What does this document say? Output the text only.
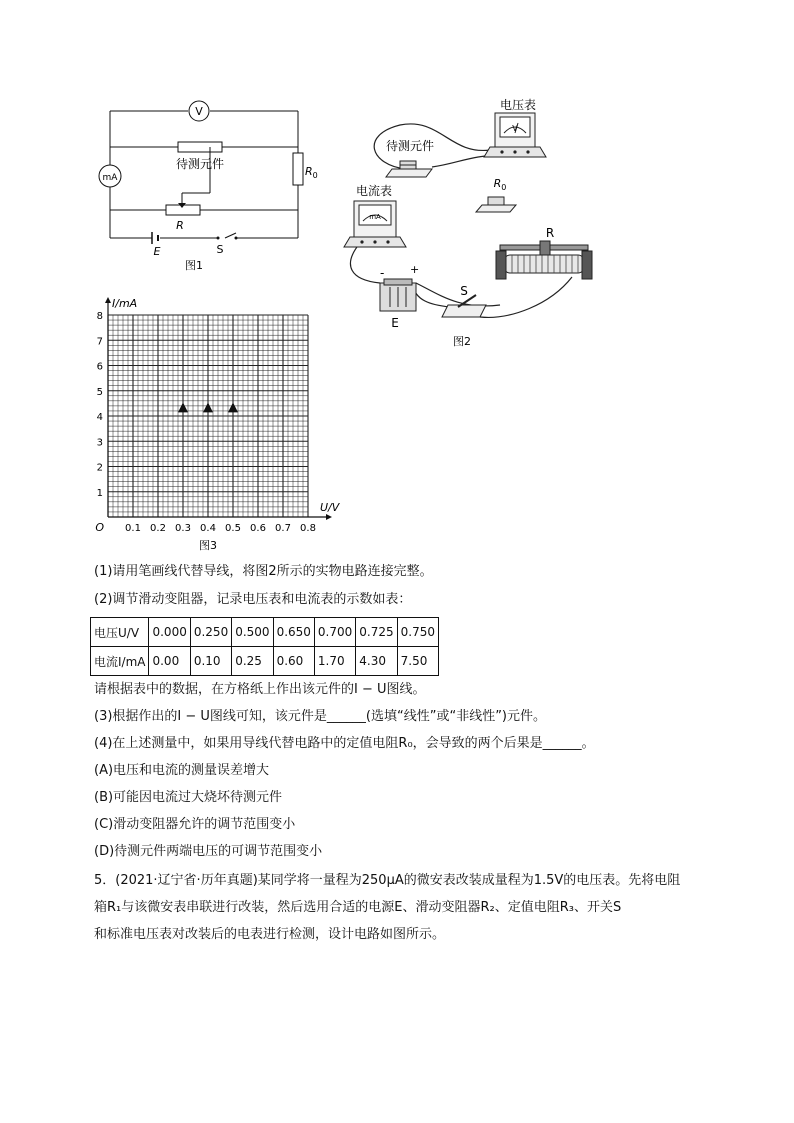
V
mA
待测元件
$R_0$
R
E	S
图1
V
电压表
待测元件
$R_0$
mA
电流表
- +
E
S
R
图2
1
2
3
4
5
6
7
8
0.1 0.2 0.3 0.4 0.5 0.6 0.7 0.8
O
I/mA
U/V
图3
(1)请用笔画线代替导线，将图2所示的实物电路连接完整。
(2)调节滑动变阻器，记录电压表和电流表的示数如表：
电压U/V	0.000	0.250	0.500	0.650	0.700	0.725	0.750
电流I/mA	0.00	0.10	0.25	0.60	1.70	4.30	7.50
请根据表中的数据，在方格纸上作出该元件的I − U图线。
(3)根据作出的I − U图线可知，该元件是______(选填“线性”或“非线性”)元件。
(4)在上述测量中，如果用导线代替电路中的定值电阻R₀，会导致的两个后果是______。
(A)电压和电流的测量误差增大
(B)可能因电流过大烧坏待测元件
(C)滑动变阻器允许的调节范围变小
(D)待测元件两端电压的可调节范围变小
5．(2021·辽宁省·历年真题)某同学将一量程为250μA的微安表改装成量程为1.5V的电压表。先将电阻
箱R₁与该微安表串联进行改装，然后选用合适的电源E、滑动变阻器R₂、定值电阻R₃、开关S
和标准电压表对改装后的电表进行检测，设计电路如图所示。
